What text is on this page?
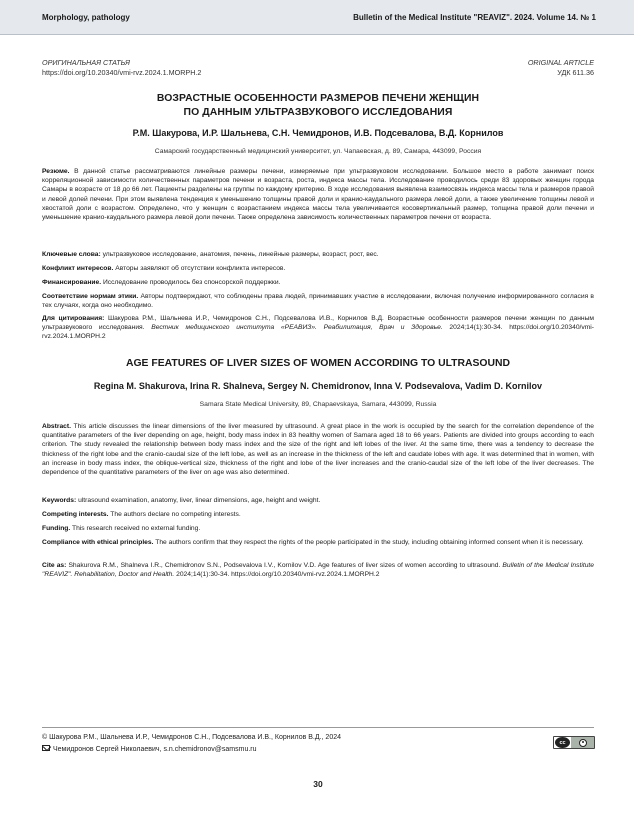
Morphology, pathology	Bulletin of the Medical Institute "REAVIZ". 2024. Volume 14. № 1
ОРИГИНАЛЬНАЯ СТАТЬЯ
https://doi.org/10.20340/vmi-rvz.2024.1.MORPH.2
ORIGINAL ARTICLE
УДК 611.36
ВОЗРАСТНЫЕ ОСОБЕННОСТИ РАЗМЕРОВ ПЕЧЕНИ ЖЕНЩИН
ПО ДАННЫМ УЛЬТРАЗВУКОВОГО ИССЛЕДОВАНИЯ
Р.М. Шакурова, И.Р. Шальнева, С.Н. Чемидронов, И.В. Подсевалова, В.Д. Корнилов
Самарский государственный медицинский университет, ул. Чапаевская, д. 89, Самара, 443099, Россия

Резюме. В данной статье рассматриваются линейные размеры печени, измеряемые при ультразвуковом исследовании. Большое место в работе занимает поиск корреляционной зависимости количественных параметров печени и возраста, роста, индекса массы тела. Исследование проводилось среди 83 здоровых женщин города Самары в возрасте от 18 до 66 лет. Пациенты разделены на группы по каждому критерию. В ходе исследования выявлена взаимосвязь индекса массы тела и размеров правой и левой долей печени. При этом выявлена тенденция к уменьшению толщины правой доли и кранио-каудального размера левой доли, а также увеличение толщины левой и хвостатой доли с возрастом. Определено, что у женщин с возрастанием индекса массы тела увеличивается косовертикальный размер, толщина правой доли печени и уменьшение кранио-каудального размера левой доли печени. Также определена зависимость количественных параметров печени от возраста.

Ключевые слова: ультразвуковое исследование, анатомия, печень, линейные размеры, возраст, рост, вес.

Конфликт интересов. Авторы заявляют об отсутствии конфликта интересов.

Финансирование. Исследование проводилось без спонсорской поддержки.

Соответствие нормам этики. Авторы подтверждают, что соблюдены права людей, принимавших участие в исследовании, включая получение информированного согласия в тех случаях, когда оно необходимо.

Для цитирования: Шакурова Р.М., Шальнева И.Р., Чемидронов С.Н., Подсевалова И.В., Корнилов В.Д. Возрастные особенности размеров печени женщин по данным ультразвукового исследования. Вестник медицинского института «РЕАВИЗ». Реабилитация, Врач и Здоровье. 2024;14(1):30-34. https://doi.org/10.20340/vmi-rvz.2024.1.MORPH.2

AGE FEATURES OF LIVER SIZES OF WOMEN ACCORDING TO ULTRASOUND
Regina M. Shakurova, Irina R. Shalneva, Sergey N. Chemidronov, Inna V. Podsevalova, Vadim D. Kornilov
Samara State Medical University, 89, Chapaevskaya, Samara, 443099, Russia

Abstract. This article discusses the linear dimensions of the liver measured by ultrasound. A great place in the work is occupied by the search for the correlation dependence of the quantitative parameters of the liver depending on age, height, body mass index in 83 healthy women of Samara aged 18 to 66 years. Patients are divided into groups according to each criterion. The study revealed the relationship between body mass index and the size of the right and left lobes of the liver. At the same time, there was a tendency to decrease the thickness of the right lobe and the cranio-caudal size of the left lobe, as well as an increase in the thickness of the left and caudate lobes with age. It was determined that in women, with an increase in body mass index, the oblique-vertical size, thickness of the right and lobe of the liver increases and the cranio-caudal size of the left lobe of the liver decreases. The dependence of the quantitative parameters of the liver on age was also determined.

Keywords: ultrasound examination, anatomy, liver, linear dimensions, age, height and weight.

Competing interests. The authors declare no competing interests.

Funding. This research received no external funding.

Compliance with ethical principles. The authors confirm that they respect the rights of the people participated in the study, including obtaining informed consent when it is necessary.

Cite as: Shakurova R.M., Shalneva I.R., Chemidronov S.N., Podsevalova I.V., Kornilov V.D. Age features of liver sizes of women according to ultrasound. Bulletin of the Medical Institute "REAVIZ". Rehabilitation, Doctor and Health. 2024;14(1):30-34. https://doi.org/10.20340/vmi-rvz.2024.1.MORPH.2

© Шакурова Р.М., Шальнева И.Р., Чемидронов С.Н., Подсевалова И.В., Корнилов В.Д., 2024
Чемидронов Сергей Николаевич, s.n.chemidronov@samsmu.ru
cc
30
